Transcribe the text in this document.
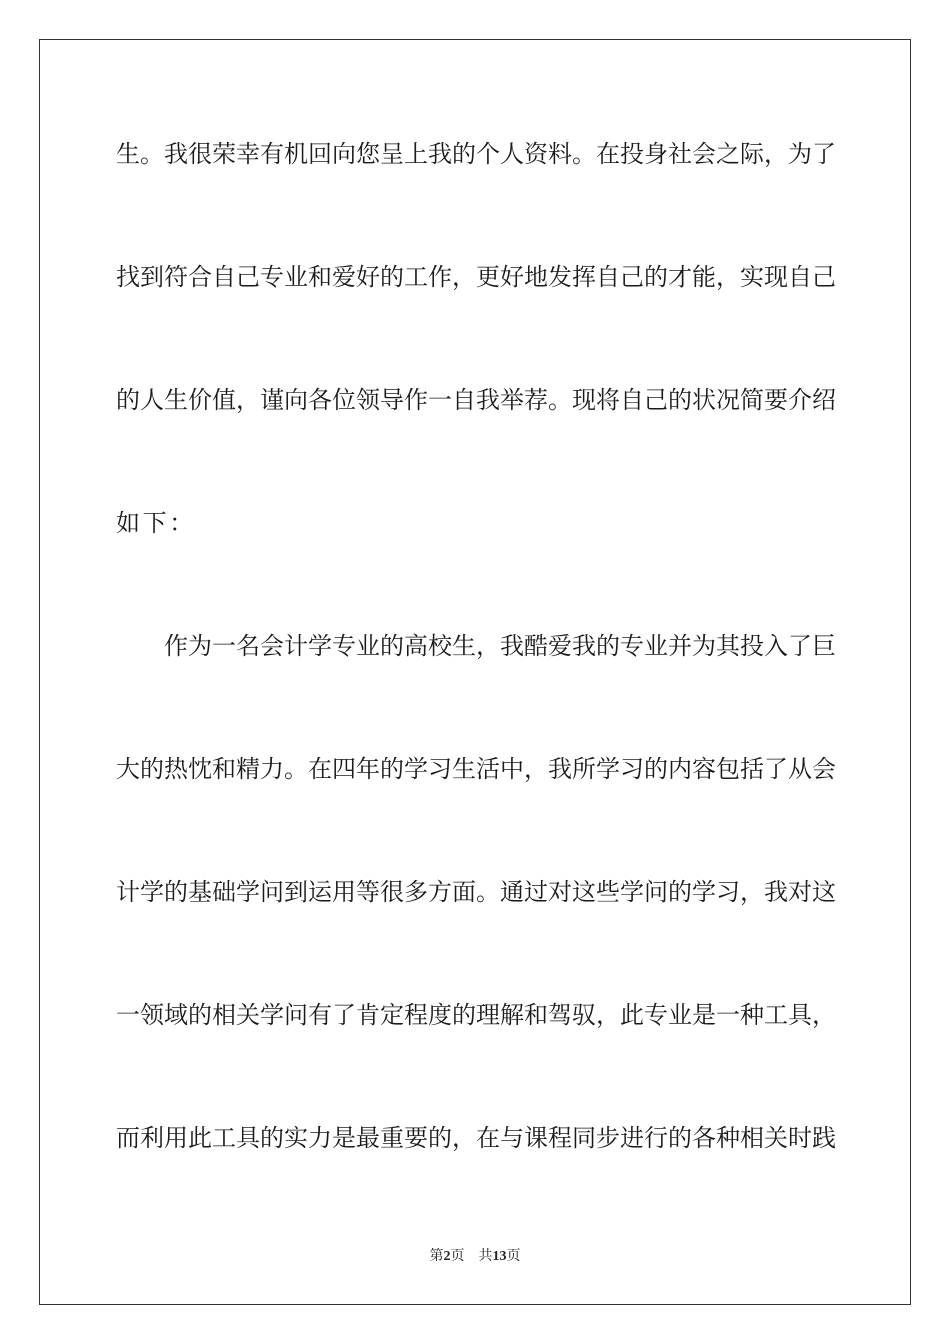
生。我很荣幸有机回向您呈上我的个人资料。在投身社会之际，为了
找到符合自己专业和爱好的工作，更好地发挥自己的才能，实现自己
的人生价值，谨向各位领导作一自我举荐。现将自己的状况简要介绍
如下：
作为一名会计学专业的高校生，我酷爱我的专业并为其投入了巨
大的热忱和精力。在四年的学习生活中，我所学习的内容包括了从会
计学的基础学问到运用等很多方面。通过对这些学问的学习，我对这
一领域的相关学问有了肯定程度的理解和驾驭，此专业是一种工具，
而利用此工具的实力是最重要的，在与课程同步进行的各种相关时践
第2页 共13页
